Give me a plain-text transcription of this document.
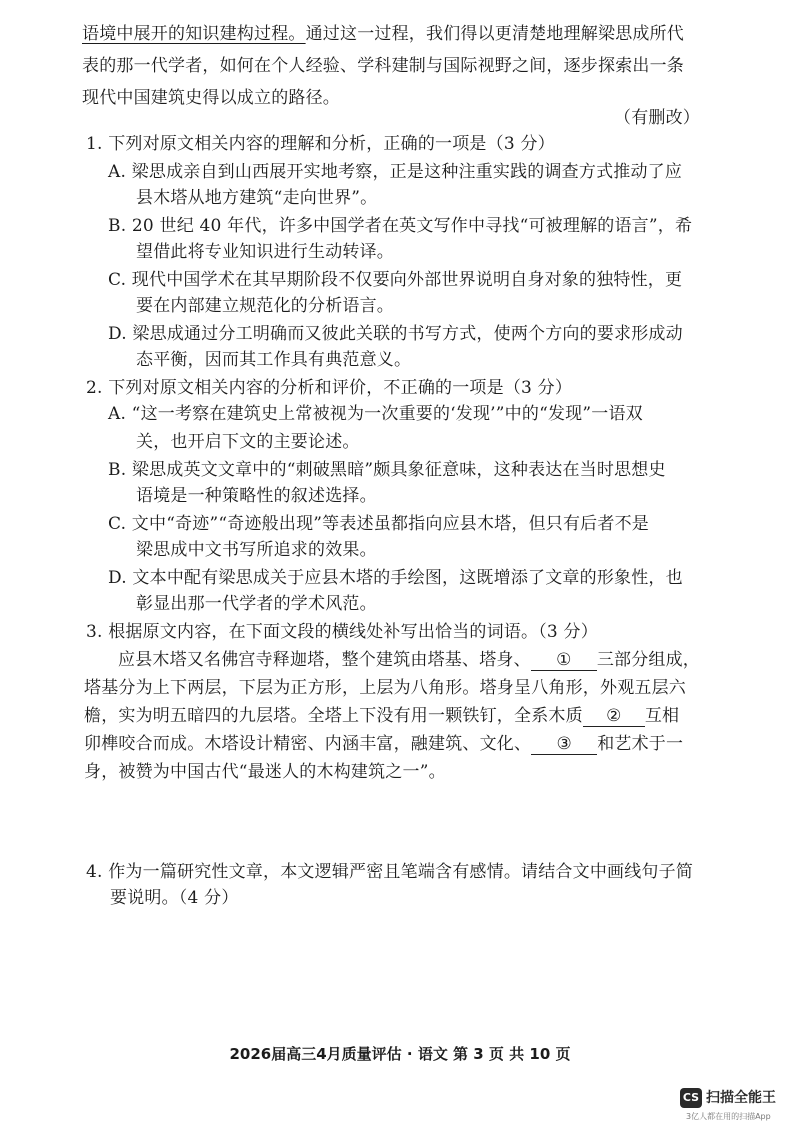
语境中展开的知识建构过程。通过这一过程，我们得以更清楚地理解梁思成所代
表的那一代学者，如何在个人经验、学科建制与国际视野之间，逐步探索出一条
现代中国建筑史得以成立的路径。
（有删改）
1. 下列对原文相关内容的理解和分析，正确的一项是（3 分）
A. 梁思成亲自到山西展开实地考察，正是这种注重实践的调查方式推动了应
县木塔从地方建筑“走向世界”。
B. 20 世纪 40 年代，许多中国学者在英文写作中寻找“可被理解的语言”，希
望借此将专业知识进行生动转译。
C. 现代中国学术在其早期阶段不仅要向外部世界说明自身对象的独特性，更
要在内部建立规范化的分析语言。
D. 梁思成通过分工明确而又彼此关联的书写方式，使两个方向的要求形成动
态平衡，因而其工作具有典范意义。
2. 下列对原文相关内容的分析和评价，不正确的一项是（3 分）
A. “这一考察在建筑史上常被视为一次重要的‘发现’”中的“发现”一语双
关，也开启下文的主要论述。
B. 梁思成英文文章中的“刺破黑暗”颇具象征意味，这种表达在当时思想史
语境是一种策略性的叙述选择。
C. 文中“奇迹”“奇迹般出现”等表述虽都指向应县木塔，但只有后者不是
梁思成中文书写所追求的效果。
D. 文本中配有梁思成关于应县木塔的手绘图，这既增添了文章的形象性，也
彰显出那一代学者的学术风范。
3. 根据原文内容，在下面文段的横线处补写出恰当的词语。（3 分）
应县木塔又名佛宫寺释迦塔，整个建筑由塔基、塔身、 ① 三部分组成，
塔基分为上下两层，下层为正方形，上层为八角形。塔身呈八角形，外观五层六
檐，实为明五暗四的九层塔。全塔上下没有用一颗铁钉，全系木质 ② 互相
卯榫咬合而成。木塔设计精密、内涵丰富，融建筑、文化、 ③ 和艺术于一
身，被赞为中国古代“最迷人的木构建筑之一”。
4. 作为一篇研究性文章，本文逻辑严密且笔端含有感情。请结合文中画线句子简
要说明。（4 分）
2026届高三4月质量评估 · 语文 第 3 页 共 10 页
CS 扫描全能王
3亿人都在用的扫描App
